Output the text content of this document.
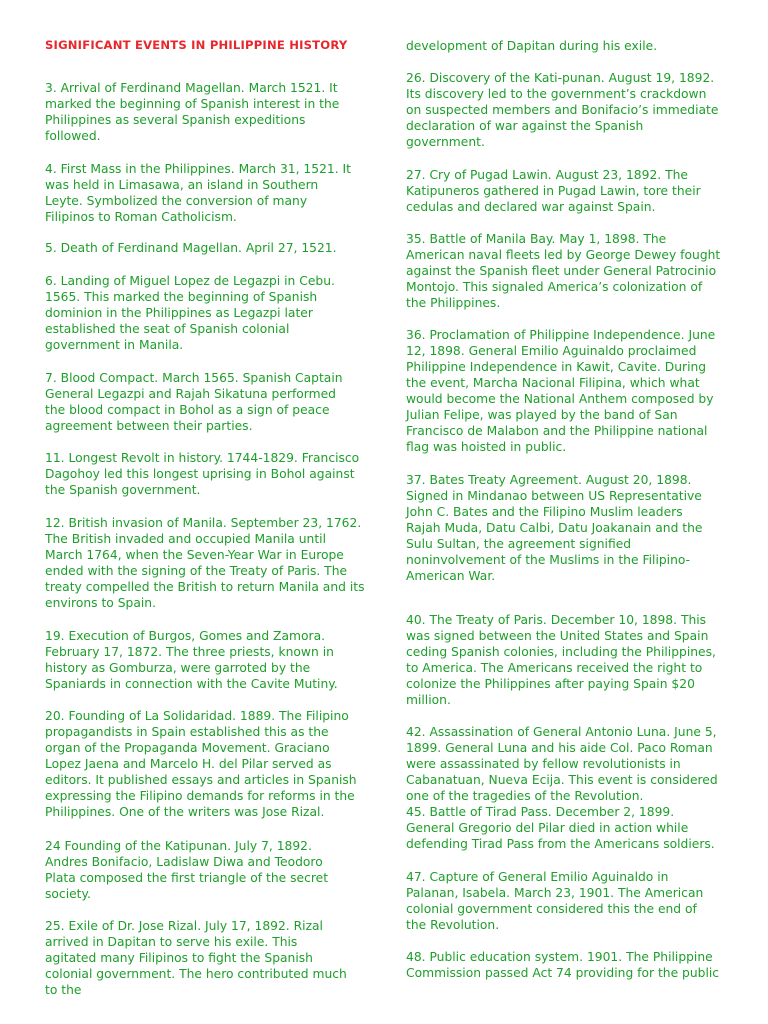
SIGNIFICANT EVENTS IN PHILIPPINE HISTORY

3. Arrival of Ferdinand Magellan. March 1521. It marked the beginning of Spanish interest in the Philippines as several Spanish expeditions followed.

4. First Mass in the Philippines. March 31, 1521. It was held in Limasawa, an island in Southern Leyte. Symbolized the conversion of many Filipinos to Roman Catholicism.

5. Death of Ferdinand Magellan. April 27, 1521.

6. Landing of Miguel Lopez de Legazpi in Cebu. 1565. This marked the beginning of Spanish dominion in the Philippines as Legazpi later established the seat of Spanish colonial government in Manila.

7. Blood Compact. March 1565. Spanish Captain General Legazpi and Rajah Sikatuna performed the blood compact in Bohol as a sign of peace agreement between their parties.

11. Longest Revolt in history. 1744-1829. Francisco Dagohoy led this longest uprising in Bohol against the Spanish government.

12. British invasion of Manila. September 23, 1762. The British invaded and occupied Manila until March 1764, when the Seven-Year War in Europe ended with the signing of the Treaty of Paris. The treaty compelled the British to return Manila and its environs to Spain.

19. Execution of Burgos, Gomes and Zamora. February 17, 1872. The three priests, known in history as Gomburza, were garroted by the Spaniards in connection with the Cavite Mutiny.

20. Founding of La Solidaridad. 1889. The Filipino propagandists in Spain established this as the organ of the Propaganda Movement. Graciano Lopez Jaena and Marcelo H. del Pilar served as editors. It published essays and articles in Spanish expressing the Filipino demands for reforms in the Philippines. One of the writers was Jose Rizal.

24 Founding of the Katipunan. July 7, 1892. Andres Bonifacio, Ladislaw Diwa and Teodoro Plata composed the first triangle of the secret society.

25. Exile of Dr. Jose Rizal. July 17, 1892. Rizal arrived in Dapitan to serve his exile. This agitated many Filipinos to fight the Spanish colonial government. The hero contributed much to the

development of Dapitan during his exile.

26. Discovery of the Kati-punan. August 19, 1892. Its discovery led to the government’s crackdown on suspected members and Bonifacio’s immediate declaration of war against the Spanish government.

27. Cry of Pugad Lawin. August 23, 1892. The Katipuneros gathered in Pugad Lawin, tore their cedulas and declared war against Spain.

35. Battle of Manila Bay. May 1, 1898. The American naval fleets led by George Dewey fought against the Spanish fleet under General Patrocinio Montojo. This signaled America’s colonization of the Philippines.

36. Proclamation of Philippine Independence. June 12, 1898. General Emilio Aguinaldo proclaimed Philippine Independence in Kawit, Cavite. During the event, Marcha Nacional Filipina, which what would become the National Anthem composed by Julian Felipe, was played by the band of San Francisco de Malabon and the Philippine national flag was hoisted in public.

37. Bates Treaty Agreement. August 20, 1898. Signed in Mindanao between US Representative John C. Bates and the Filipino Muslim leaders Rajah Muda, Datu Calbi, Datu Joakanain and the Sulu Sultan, the agreement signified noninvolvement of the Muslims in the Filipino-American War.

40. The Treaty of Paris. December 10, 1898. This was signed between the United States and Spain ceding Spanish colonies, including the Philippines, to America. The Americans received the right to colonize the Philippines after paying Spain $20 million.

42. Assassination of General Antonio Luna. June 5, 1899. General Luna and his aide Col. Paco Roman were assassinated by fellow revolutionists in Cabanatuan, Nueva Ecija. This event is considered one of the tragedies of the Revolution.

45. Battle of Tirad Pass. December 2, 1899. General Gregorio del Pilar died in action while defending Tirad Pass from the Americans soldiers.

47. Capture of General Emilio Aguinaldo in Palanan, Isabela. March 23, 1901. The American colonial government considered this the end of the Revolution.

48. Public education system. 1901. The Philippine Commission passed Act 74 providing for the public
